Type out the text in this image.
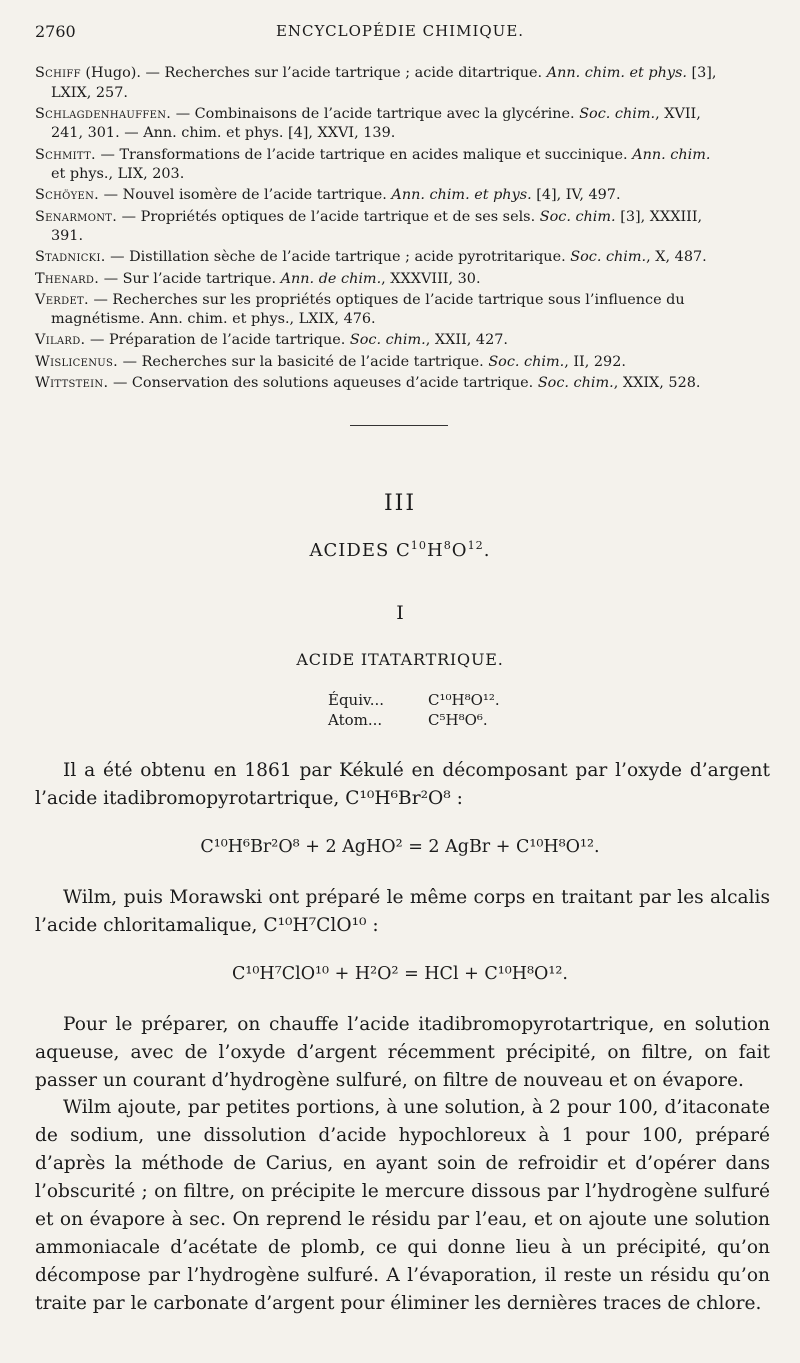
2760	ENCYCLOPÉDIE CHIMIQUE.
Schiff (Hugo). — Recherches sur l’acide tartrique ; acide ditartrique. Ann. chim. et phys. [3],
LXIX, 257.
Schlagdenhauffen. — Combinaisons de l’acide tartrique avec la glycérine. Soc. chim., XVII,
241, 301. — Ann. chim. et phys. [4], XXVI, 139.
Schmitt. — Transformations de l’acide tartrique en acides malique et succinique. Ann. chim.
et phys., LIX, 203.
Schöyen. — Nouvel isomère de l’acide tartrique. Ann. chim. et phys. [4], IV, 497.
Senarmont. — Propriétés optiques de l’acide tartrique et de ses sels. Soc. chim. [3], XXXIII,
391.
Stadnicki. — Distillation sèche de l’acide tartrique ; acide pyrotritarique. Soc. chim., X, 487.
Thenard. — Sur l’acide tartrique. Ann. de chim., XXXVIII, 30.
Verdet. — Recherches sur les propriétés optiques de l’acide tartrique sous l’influence du
magnétisme. Ann. chim. et phys., LXIX, 476.
Vilard. — Préparation de l’acide tartrique. Soc. chim., XXII, 427.
Wislicenus. — Recherches sur la basicité de l’acide tartrique. Soc. chim., II, 292.
Wittstein. — Conservation des solutions aqueuses d’acide tartrique. Soc. chim., XXIX, 528.
III
ACIDES $C^{10}H^8O^{12}$.
I
ACIDE ITATARTRIQUE.
Équiv...	C¹⁰H⁸O¹².
Atom...	C⁵H⁸O⁶.

Il a été obtenu en 1861 par Kékulé en décomposant par l’oxyde d’argent l’acide itadibromopyrotartrique, C¹⁰H⁶Br²O⁸ :

C¹⁰H⁶Br²O⁸ + 2 AgHO² = 2 AgBr + C¹⁰H⁸O¹².

Wilm, puis Morawski ont préparé le même corps en traitant par les alcalis l’acide chloritamalique, C¹⁰H⁷ClO¹⁰ :

C¹⁰H⁷ClO¹⁰ + H²O² = HCl + C¹⁰H⁸O¹².

Pour le préparer, on chauffe l’acide itadibromopyrotartrique, en solution aqueuse, avec de l’oxyde d’argent récemment précipité, on filtre, on fait passer un courant d’hydrogène sulfuré, on filtre de nouveau et on évapore.

Wilm ajoute, par petites portions, à une solution, à 2 pour 100, d’itaconate de sodium, une dissolution d’acide hypochloreux à 1 pour 100, préparé d’après la méthode de Carius, en ayant soin de refroidir et d’opérer dans l’obscurité ; on filtre, on précipite le mercure dissous par l’hydrogène sulfuré et on évapore à sec. On reprend le résidu par l’eau, et on ajoute une solution ammoniacale d’acétate de plomb, ce qui donne lieu à un précipité, qu’on décompose par l’hydrogène sulfuré. A l’évaporation, il reste un résidu qu’on traite par le carbonate d’argent pour éliminer les dernières traces de chlore.
